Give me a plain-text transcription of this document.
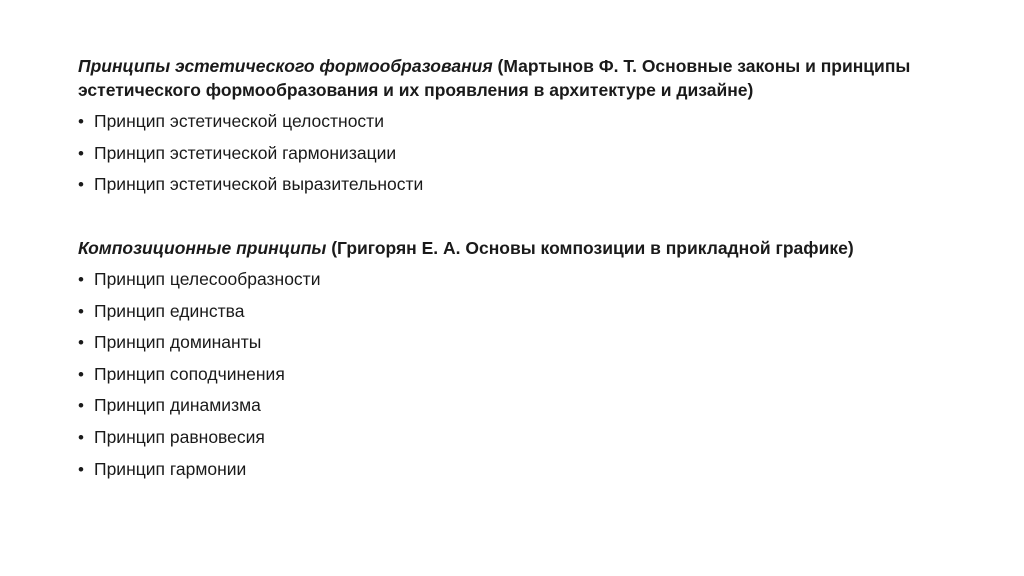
Принципы эстетического формообразования (Мартынов Ф. Т. Основные законы и принципы эстетического формообразования и их проявления в архитектуре и дизайне)

• Принцип эстетической целостности
• Принцип эстетической гармонизации
• Принцип эстетической выразительности

Композиционные принципы (Григорян Е. А. Основы композиции в прикладной графике)

• Принцип целесообразности
• Принцип единства
• Принцип доминанты
• Принцип соподчинения
• Принцип динамизма
• Принцип равновесия
• Принцип гармонии
